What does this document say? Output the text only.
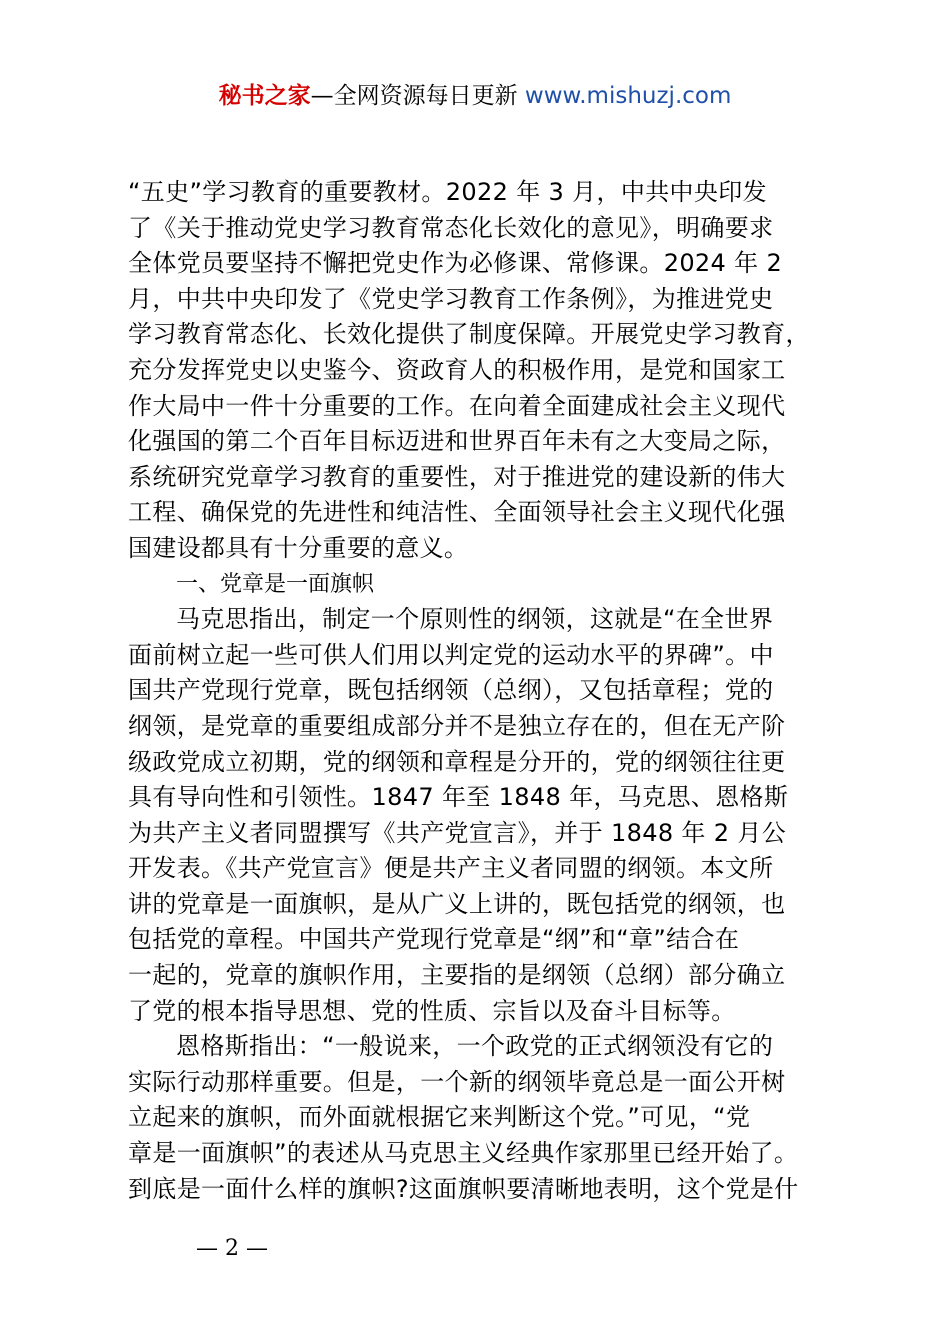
秘书之家—全网资源每日更新 www.mishuzj.com
“五史”学习教育的重要教材。2022 年 3 月，中共中央印发
了《关于推动党史学习教育常态化长效化的意见》，明确要求
全体党员要坚持不懈把党史作为必修课、常修课。2024 年 2
月，中共中央印发了《党史学习教育工作条例》，为推进党史
学习教育常态化、长效化提供了制度保障。开展党史学习教育，
充分发挥党史以史鉴今、资政育人的积极作用，是党和国家工
作大局中一件十分重要的工作。在向着全面建成社会主义现代
化强国的第二个百年目标迈进和世界百年未有之大变局之际，
系统研究党章学习教育的重要性，对于推进党的建设新的伟大
工程、确保党的先进性和纯洁性、全面领导社会主义现代化强
国建设都具有十分重要的意义。
一、党章是一面旗帜
马克思指出，制定一个原则性的纲领，这就是“在全世界
面前树立起一些可供人们用以判定党的运动水平的界碑”。中
国共产党现行党章，既包括纲领（总纲），又包括章程；党的
纲领，是党章的重要组成部分并不是独立存在的，但在无产阶
级政党成立初期，党的纲领和章程是分开的，党的纲领往往更
具有导向性和引领性。1847 年至 1848 年，马克思、恩格斯
为共产主义者同盟撰写《共产党宣言》，并于 1848 年 2 月公
开发表。《共产党宣言》便是共产主义者同盟的纲领。本文所
讲的党章是一面旗帜，是从广义上讲的，既包括党的纲领，也
包括党的章程。中国共产党现行党章是“纲”和“章”结合在
一起的，党章的旗帜作用，主要指的是纲领（总纲）部分确立
了党的根本指导思想、党的性质、宗旨以及奋斗目标等。
恩格斯指出：“一般说来，一个政党的正式纲领没有它的
实际行动那样重要。但是，一个新的纲领毕竟总是一面公开树
立起来的旗帜，而外面就根据它来判断这个党。”可见，“党
章是一面旗帜”的表述从马克思主义经典作家那里已经开始了。
到底是一面什么样的旗帜?这面旗帜要清晰地表明，这个党是什
— 2 —
